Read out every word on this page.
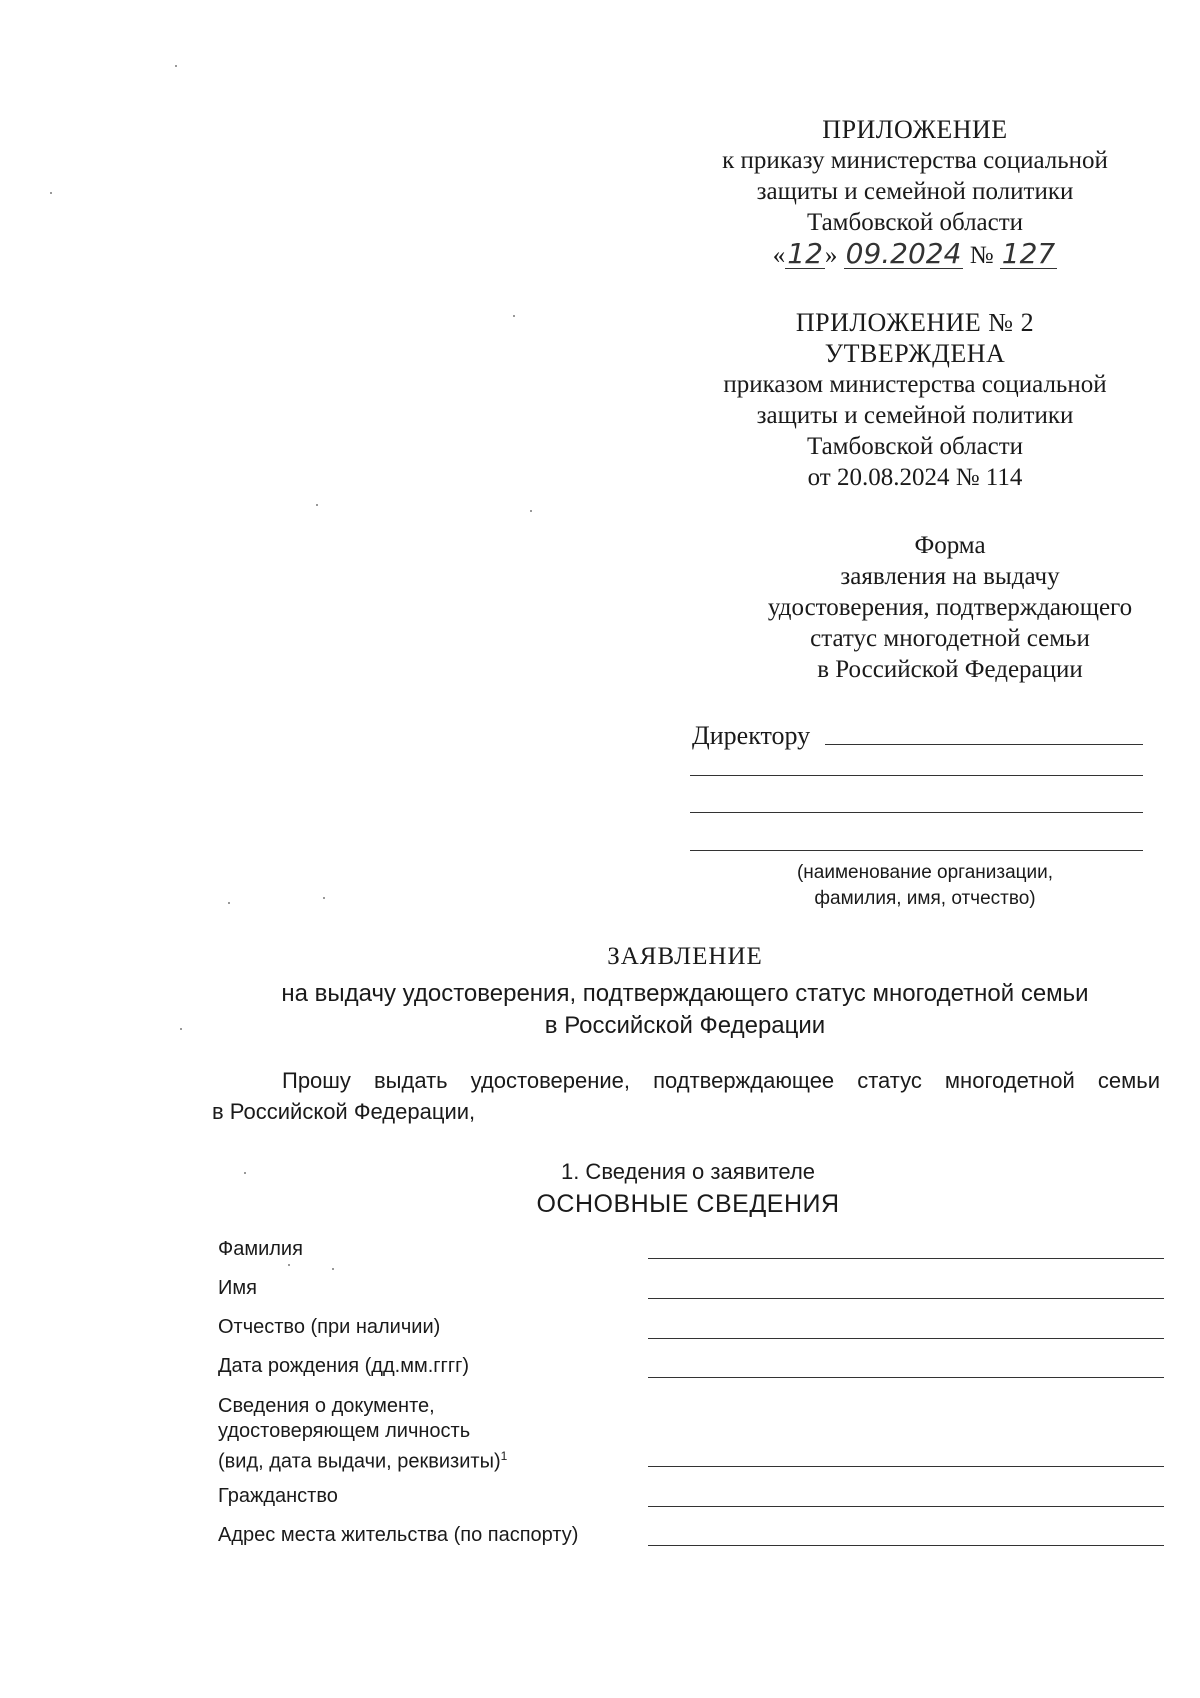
ПРИЛОЖЕНИЕ
к приказу министерства социальной
защиты и семейной политики
Тамбовской области
«12» 09.2024 № 127
ПРИЛОЖЕНИЕ № 2
УТВЕРЖДЕНА
приказом министерства социальной
защиты и семейной политики
Тамбовской области
от 20.08.2024 № 114
Форма
заявления на выдачу
удостоверения, подтверждающего
статус многодетной семьи
в Российской Федерации
Директору
(наименование организации,
фамилия, имя, отчество)
ЗАЯВЛЕНИЕ
на выдачу удостоверения, подтверждающего статус многодетной семьи
в Российской Федерации
Прошу выдать удостоверение, подтверждающее статус многодетной семьи
в Российской Федерации,
1. Сведения о заявителе
ОСНОВНЫЕ СВЕДЕНИЯ
Фамилия
Имя
Отчество (при наличии)
Дата рождения (дд.мм.гггг)
Сведения о документе,
удостоверяющем личность
(вид, дата выдачи, реквизиты)$^1$
Гражданство
Адрес места жительства (по паспорту)
